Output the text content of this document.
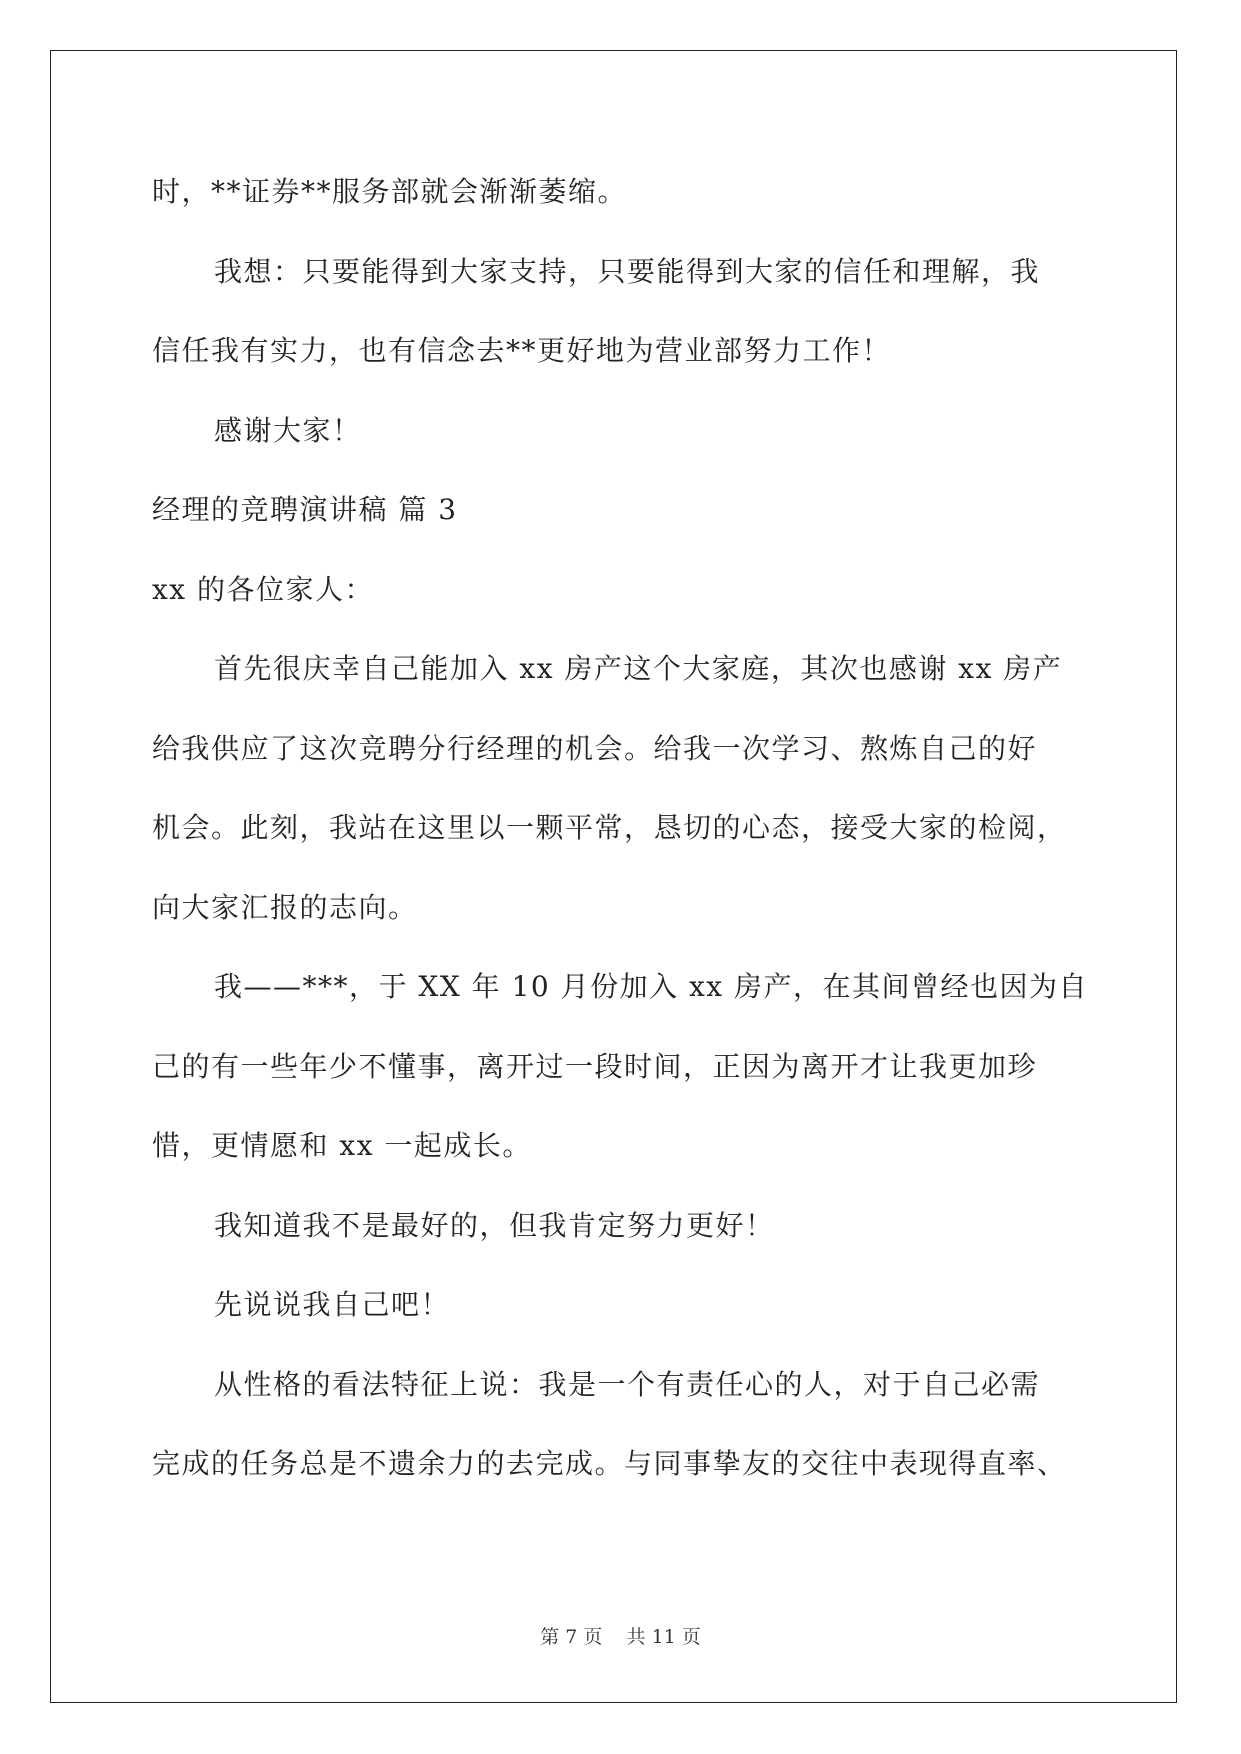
时，**证券**服务部就会渐渐萎缩。
我想：只要能得到大家支持，只要能得到大家的信任和理解，我
信任我有实力，也有信念去**更好地为营业部努力工作！
感谢大家！
经理的竞聘演讲稿 篇 3
xx 的各位家人：
首先很庆幸自己能加入 xx 房产这个大家庭，其次也感谢 xx 房产
给我供应了这次竞聘分行经理的机会。给我一次学习、熬炼自己的好
机会。此刻，我站在这里以一颗平常，恳切的心态，接受大家的检阅，
向大家汇报的志向。
我——***，于 XX 年 10 月份加入 xx 房产，在其间曾经也因为自
己的有一些年少不懂事，离开过一段时间，正因为离开才让我更加珍
惜，更情愿和 xx 一起成长。
我知道我不是最好的，但我肯定努力更好！
先说说我自己吧！
从性格的看法特征上说：我是一个有责任心的人，对于自己必需
完成的任务总是不遗余力的去完成。与同事挚友的交往中表现得直率、
第 7 页    共 11 页
